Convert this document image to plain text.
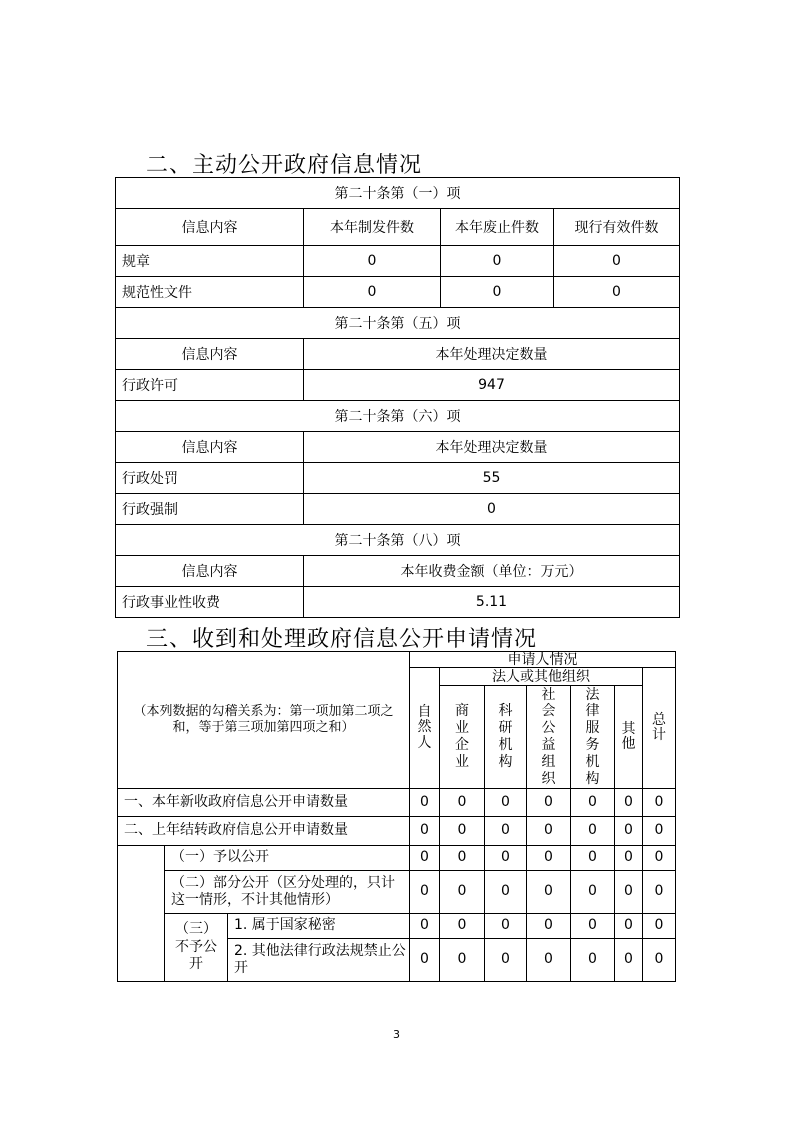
二、主动公开政府信息情况
第二十条第（一）项			
信息内容	本年制发件数	本年废止件数	现行有效件数
规章	0	0	0
规范性文件	0	0	0
第二十条第（五）项			
信息内容	本年处理决定数量		
行政许可	947		
第二十条第（六）项			
信息内容	本年处理决定数量		
行政处罚	55		
行政强制	0		
第二十条第（八）项			
信息内容	本年收费金额（单位：万元）		
行政事业性收费	5.11		
三、收到和处理政府信息公开申请情况
（本列数据的勾稽关系为：第一项加第二项之和，等于第三项加第四项之和）			申请人情况						
			自然人	法人或其他组织					总计
				商业企业	科研机构	社会公益组织	法律服务机构	其他	
一、本年新收政府信息公开申请数量			0	0	0	0	0	0	0
二、上年结转政府信息公开申请数量			0	0	0	0	0	0	0
	（一）予以公开		0	0	0	0	0	0	0
	（二）部分公开（区分处理的，只计这一情形，不计其他情形）		0	0	0	0	0	0	0
	（三）不予公开	1. 属于国家秘密	0	0	0	0	0	0	0
		2. 其他法律行政法规禁止公开	0	0	0	0	0	0	0
3
